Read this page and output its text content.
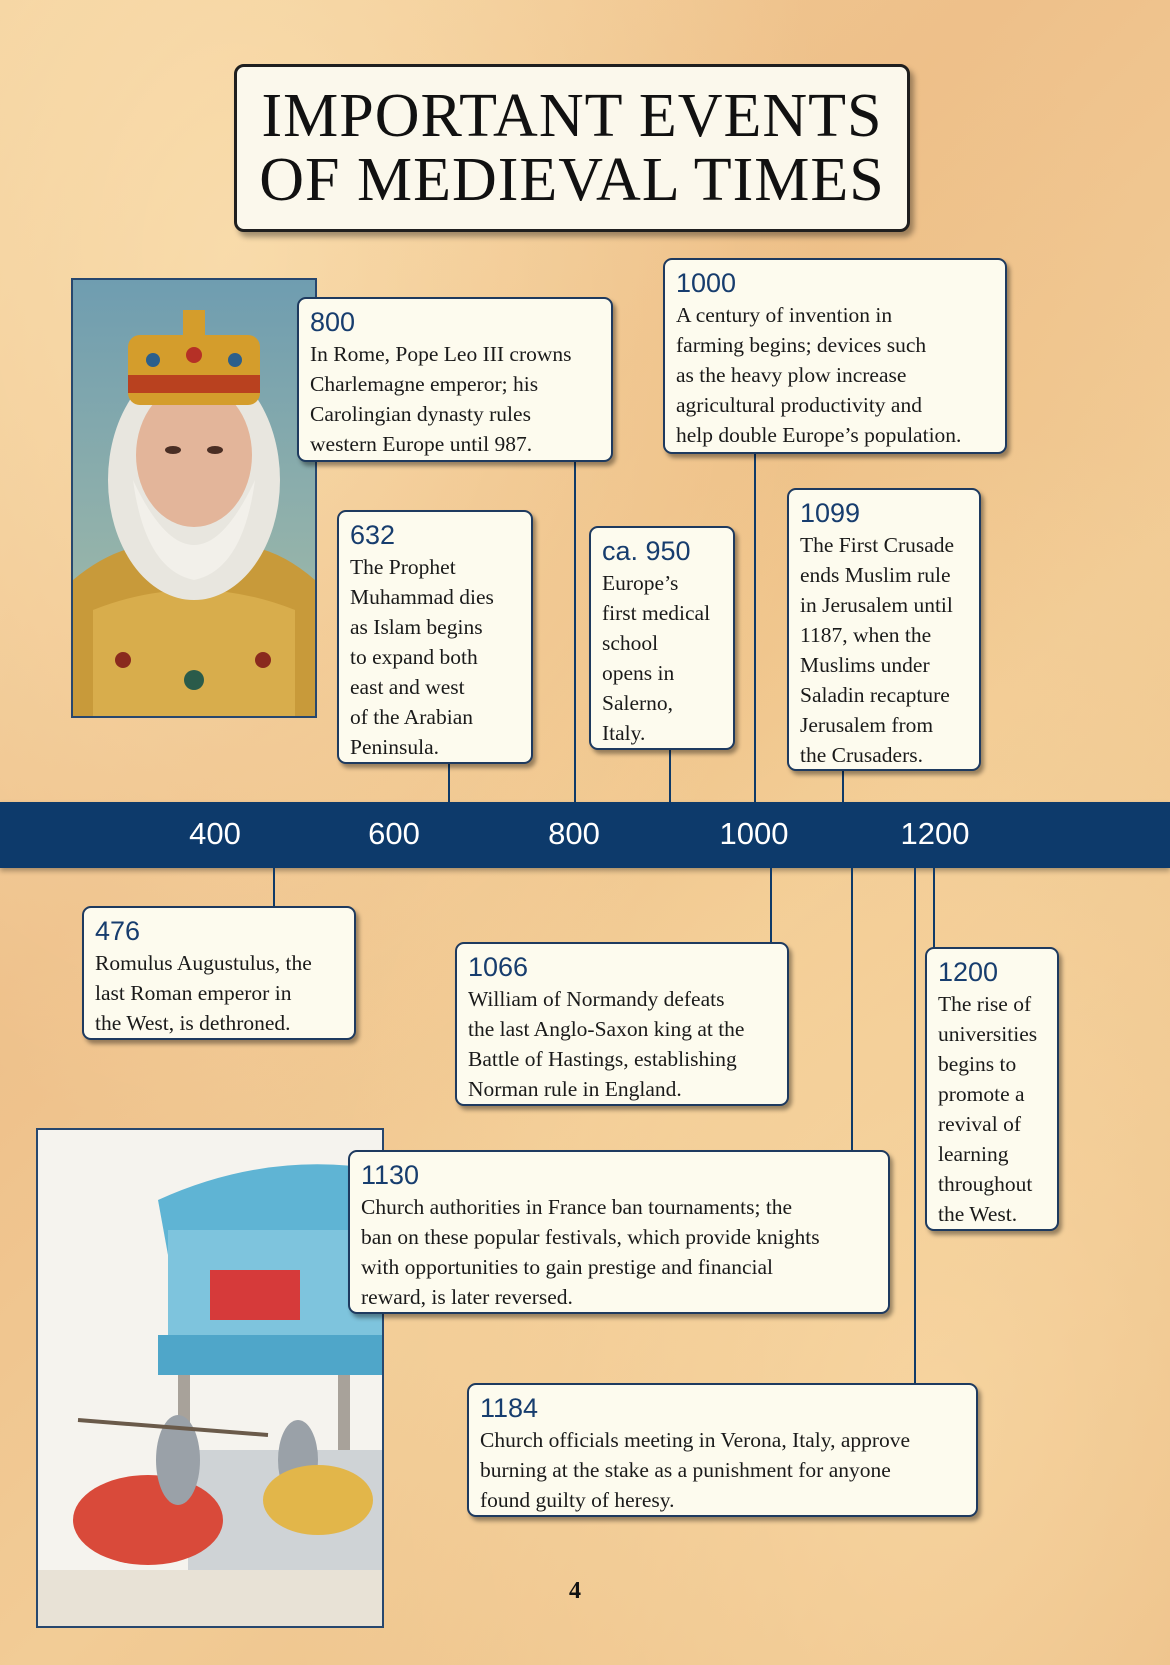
IMPORTANT EVENTS
OF MEDIEVAL TIMES
400	600	800	1000	1200
800
In Rome, Pope Leo III crowns
Charlemagne emperor; his
Carolingian dynasty rules
western Europe until 987.
1000
A century of invention in
farming begins; devices such
as the heavy plow increase
agricultural productivity and
help double Europe’s population.
632
The Prophet
Muhammad dies
as Islam begins
to expand both
east and west
of the Arabian
Peninsula.
ca. 950
Europe’s
first medical
school
opens in
Salerno,
Italy.
1099
The First Crusade
ends Muslim rule
in Jerusalem until
1187, when the
Muslims under
Saladin recapture
Jerusalem from
the Crusaders.
476
Romulus Augustulus, the
last Roman emperor in
the West, is dethroned.
1066
William of Normandy defeats
the last Anglo-Saxon king at the
Battle of Hastings, establishing
Norman rule in England.
1200
The rise of
universities
begins to
promote a
revival of
learning
throughout
the West.
1130
Church authorities in France ban tournaments; the
ban on these popular festivals, which provide knights
with opportunities to gain prestige and financial
reward, is later reversed.
1184
Church officials meeting in Verona, Italy, approve
burning at the stake as a punishment for anyone
found guilty of heresy.
4
